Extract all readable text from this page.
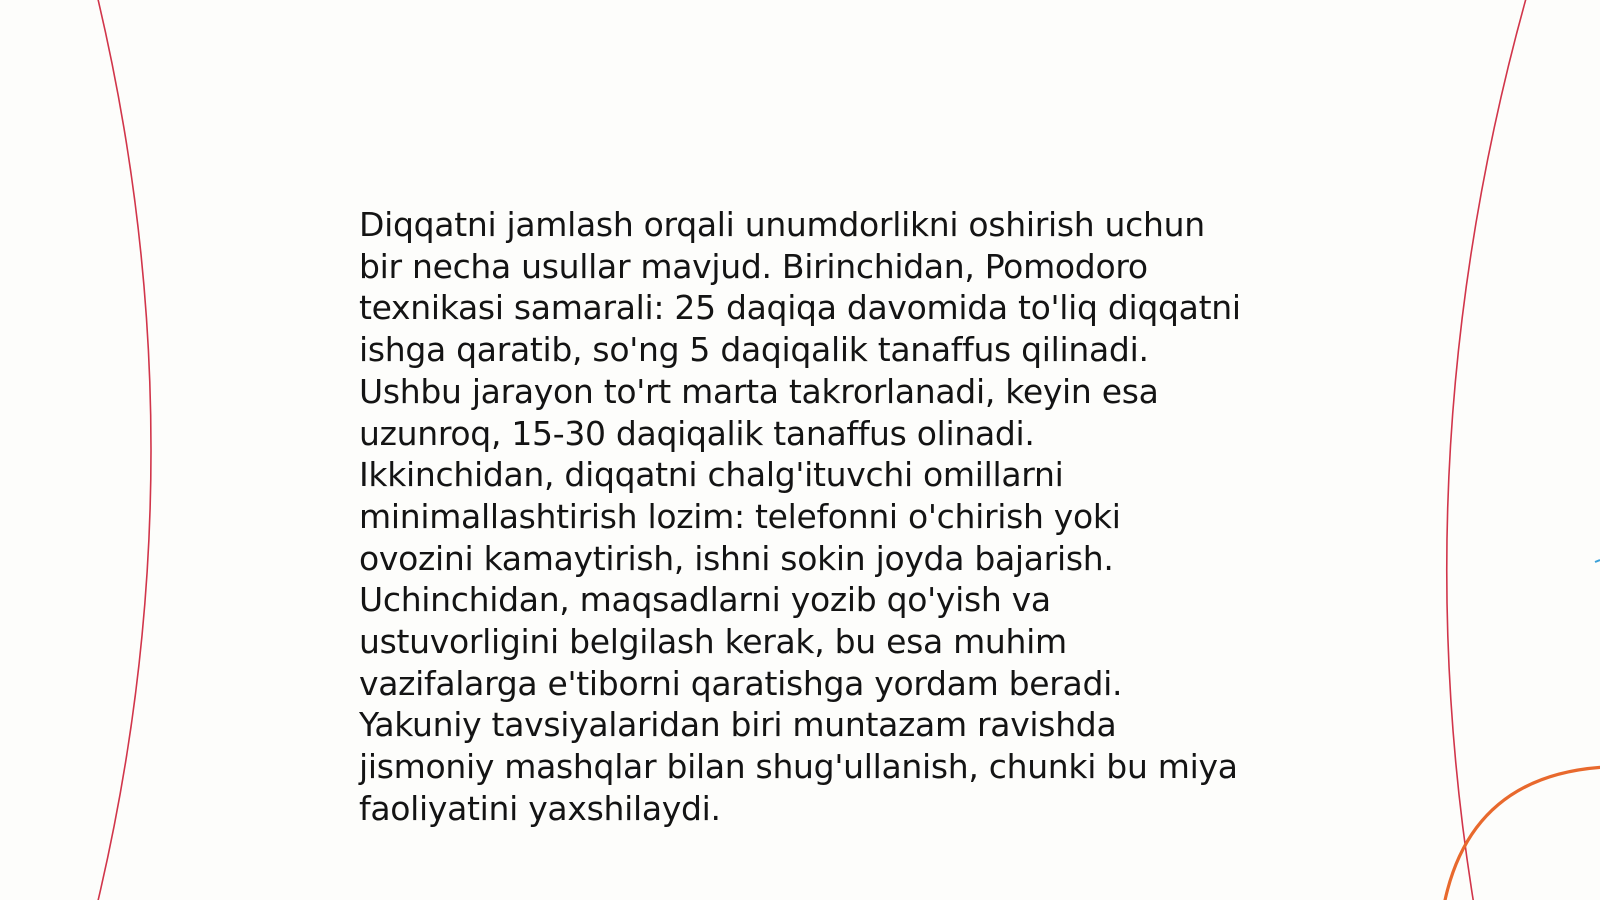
Diqqatni jamlash orqali unumdorlikni oshirish uchun
bir necha usullar mavjud. Birinchidan, Pomodoro
texnikasi samarali: 25 daqiqa davomida to'liq diqqatni
ishga qaratib, so'ng 5 daqiqalik tanaffus qilinadi.
Ushbu jarayon to'rt marta takrorlanadi, keyin esa
uzunroq, 15-30 daqiqalik tanaffus olinadi.
Ikkinchidan, diqqatni chalg'ituvchi omillarni
minimallashtirish lozim: telefonni o'chirish yoki
ovozini kamaytirish, ishni sokin joyda bajarish.
Uchinchidan, maqsadlarni yozib qo'yish va
ustuvorligini belgilash kerak, bu esa muhim
vazifalarga e'tiborni qaratishga yordam beradi.
Yakuniy tavsiyalaridan biri muntazam ravishda
jismoniy mashqlar bilan shug'ullanish, chunki bu miya
faoliyatini yaxshilaydi.
